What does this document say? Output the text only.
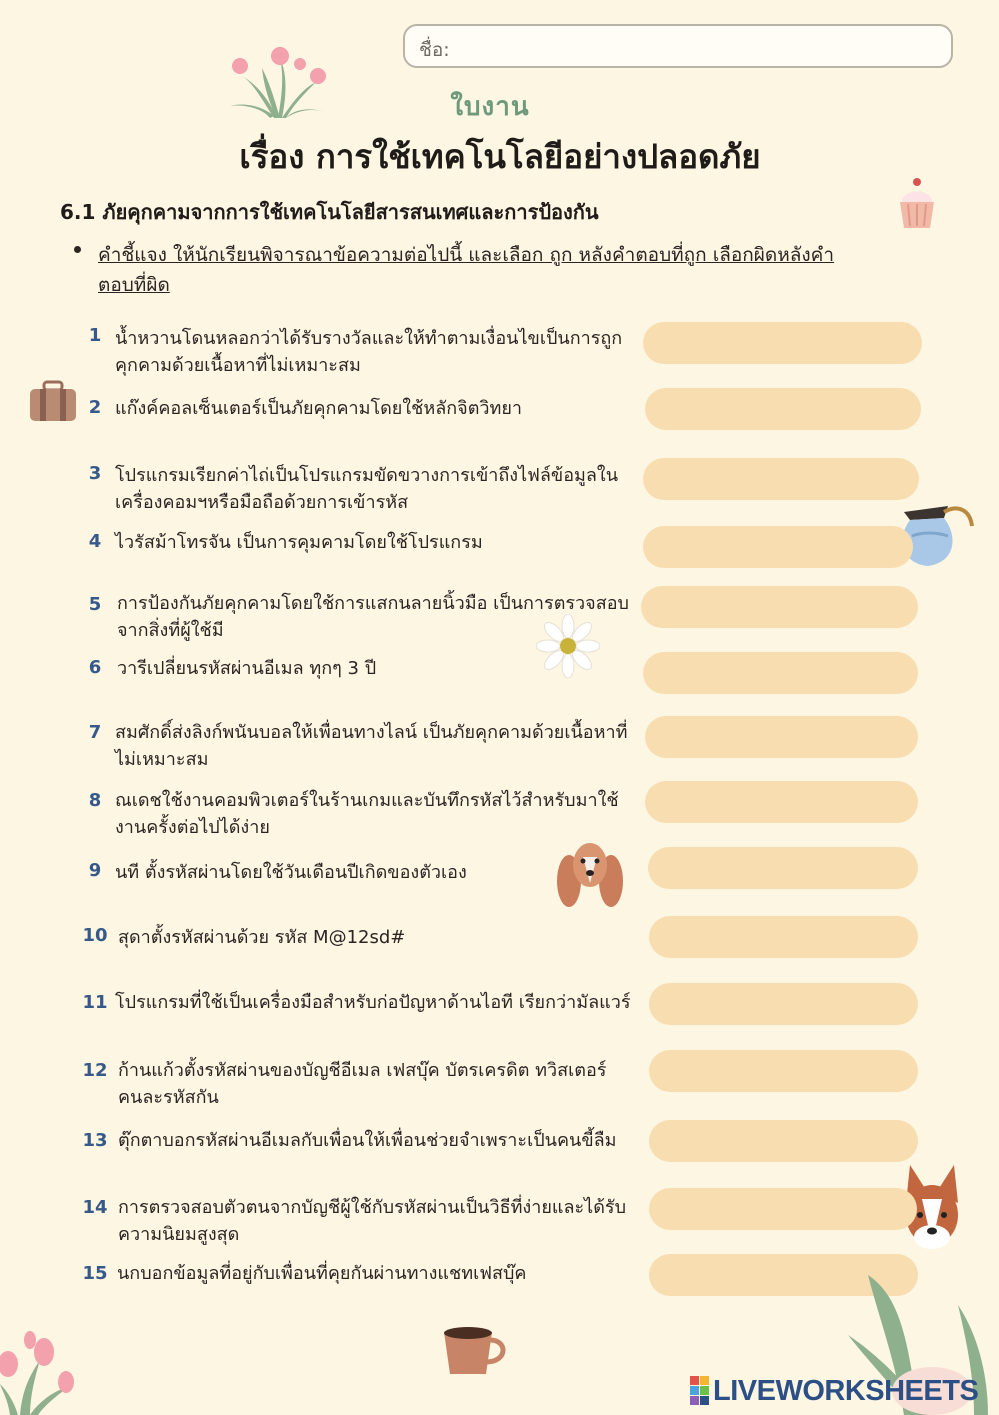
ชื่อ:
ใบงาน
เรื่อง การใช้เทคโนโลยีอย่างปลอดภัย
6.1 ภัยคุกคามจากการใช้เทคโนโลยีสารสนเทศและการป้องกัน
คำชี้แจง ให้นักเรียนพิจารณาข้อความต่อไปนี้ และเลือก ถูก หลังคำตอบที่ถูก เลือกผิดหลังคำตอบที่ผิด
1 น้ำหวานโดนหลอกว่าได้รับรางวัลและให้ทำตามเงื่อนไขเป็นการถูกคุกคามด้วยเนื้อหาที่ไม่เหมาะสม
2 แก๊งค์คอลเซ็นเตอร์เป็นภัยคุกคามโดยใช้หลักจิตวิทยา
3 โปรแกรมเรียกค่าไถ่เป็นโปรแกรมขัดขวางการเข้าถึงไฟล์ข้อมูลในเครื่องคอมฯหรือมือถือด้วยการเข้ารหัส
4 ไวรัสม้าโทรจัน เป็นการคุมคามโดยใช้โปรแกรม
5 การป้องกันภัยคุกคามโดยใช้การแสกนลายนิ้วมือ เป็นการตรวจสอบจากสิ่งที่ผู้ใช้มี
6 วารีเปลี่ยนรหัสผ่านอีเมล ทุกๆ 3 ปี
7 สมศักดิ์ส่งลิงก์พนันบอลให้เพื่อนทางไลน์ เป็นภัยคุกคามด้วยเนื้อหาที่ไม่เหมาะสม
8 ณเดชใช้งานคอมพิวเตอร์ในร้านเกมและบันทึกรหัสไว้สำหรับมาใช้งานครั้งต่อไปได้ง่าย
9 นที ตั้งรหัสผ่านโดยใช้วันเดือนปีเกิดของตัวเอง
10 สุดาตั้งรหัสผ่านด้วย รหัส M@12sd#
11 โปรแกรมที่ใช้เป็นเครื่องมือสำหรับก่อปัญหาด้านไอที เรียกว่ามัลแวร์
12 ก้านแก้วตั้งรหัสผ่านของบัญชีอีเมล เฟสบุ๊ค บัตรเครดิต ทวิสเตอร์คนละรหัสกัน
13 ตุ๊กตาบอกรหัสผ่านอีเมลกับเพื่อนให้เพื่อนช่วยจำเพราะเป็นคนขี้ลืม
14 การตรวจสอบตัวตนจากบัญชีผู้ใช้กับรหัสผ่านเป็นวิธีที่ง่ายและได้รับความนิยมสูงสุด
15 นกบอกข้อมูลที่อยู่กับเพื่อนที่คุยกันผ่านทางแชทเฟสบุ๊ค
LIVEWORKSHEETS
